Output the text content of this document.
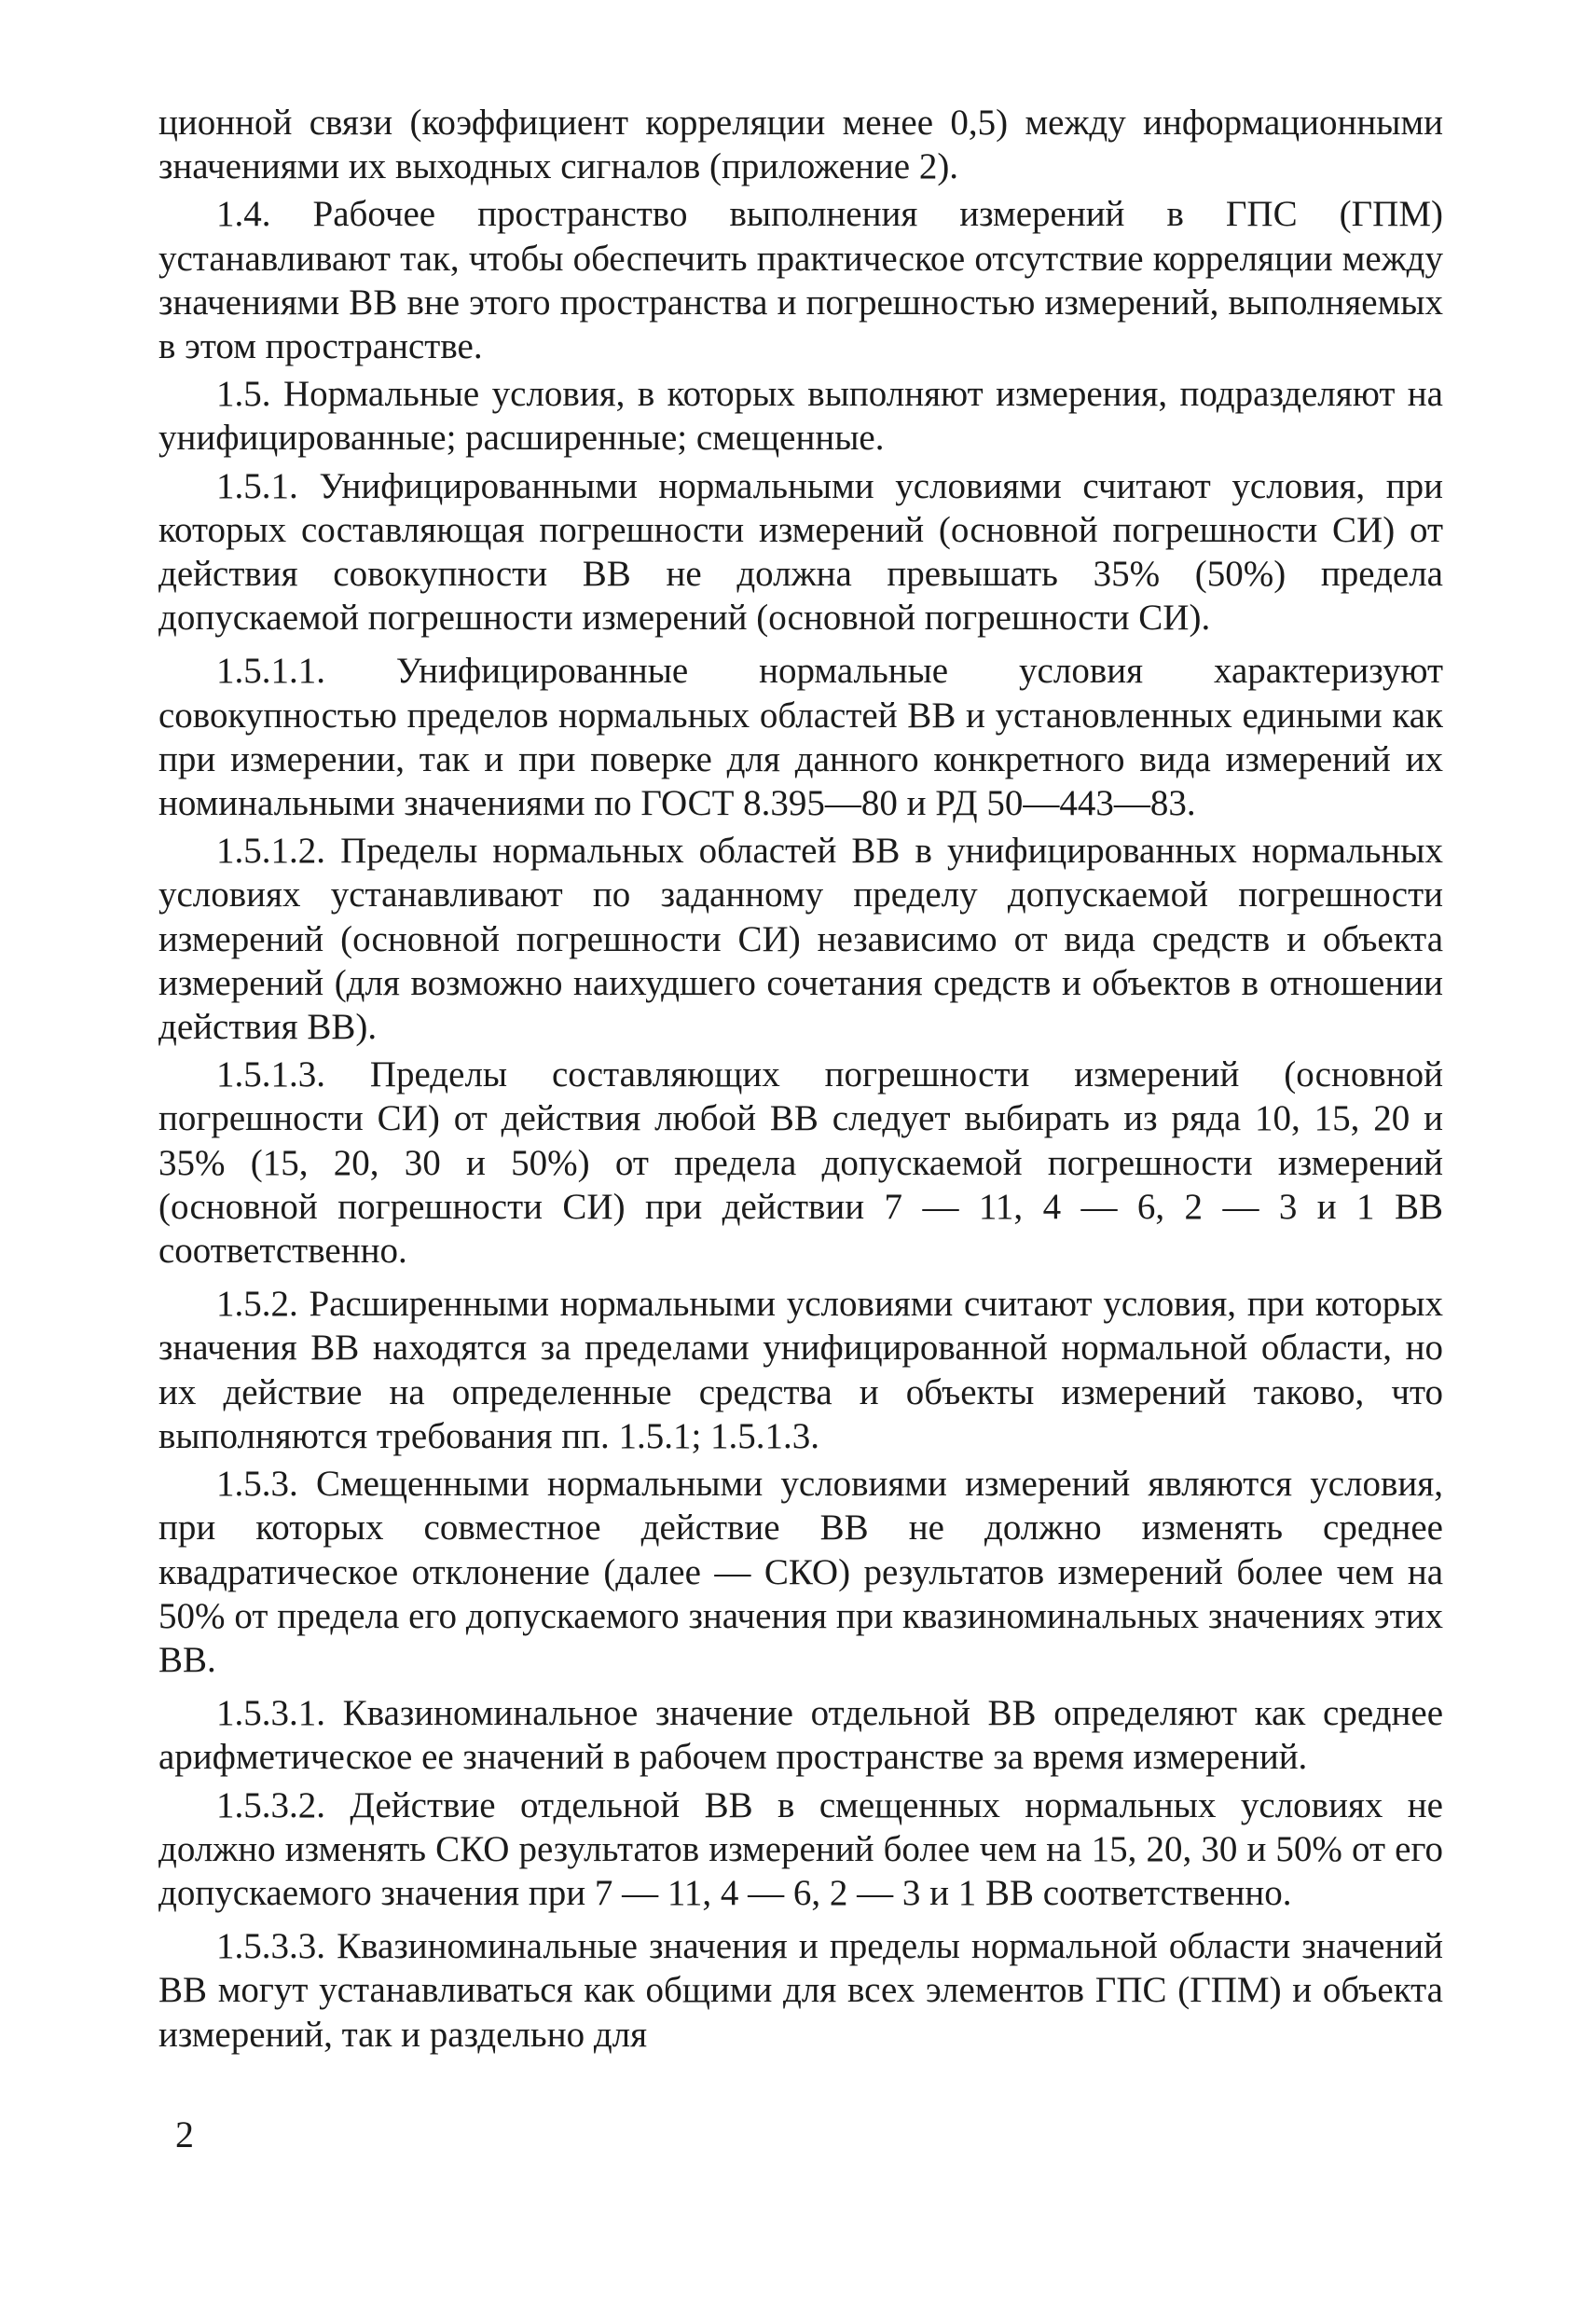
ционной связи (коэффициент корреляции менее 0,5) между информационными значениями их выходных сигналов (приложение 2).

1.4. Рабочее пространство выполнения измерений в ГПС (ГПМ) устанавливают так, чтобы обеспечить практическое отсутствие корреляции между значениями ВВ вне этого пространства и погрешностью измерений, выполняемых в этом пространстве.

1.5. Нормальные условия, в которых выполняют измерения, подразделяют на унифицированные; расширенные; смещенные.

1.5.1. Унифицированными нормальными условиями считают условия, при которых составляющая погрешности измерений (основной погрешности СИ) от действия совокупности ВВ не должна превышать 35% (50%) предела допускаемой погрешности измерений (основной погрешности СИ).

1.5.1.1. Унифицированные нормальные условия характеризуют совокупностью пределов нормальных областей ВВ и установленных едиными как при измерении, так и при поверке для данного конкретного вида измерений их номинальными значениями по ГОСТ 8.395—80 и РД 50—443—83.

1.5.1.2. Пределы нормальных областей ВВ в унифицированных нормальных условиях устанавливают по заданному пределу допускаемой погрешности измерений (основной погрешности СИ) независимо от вида средств и объекта измерений (для возможно наихудшего сочетания средств и объектов в отношении действия ВВ).

1.5.1.3. Пределы составляющих погрешности измерений (основной погрешности СИ) от действия любой ВВ следует выбирать из ряда 10, 15, 20 и 35% (15, 20, 30 и 50%) от предела допускаемой погрешности измерений (основной погрешности СИ) при действии 7 — 11, 4 — 6, 2 — 3 и 1 ВВ соответственно.

1.5.2. Расширенными нормальными условиями считают условия, при которых значения ВВ находятся за пределами унифицированной нормальной области, но их действие на определенные средства и объекты измерений таково, что выполняются требования пп. 1.5.1; 1.5.1.3.

1.5.3. Смещенными нормальными условиями измерений являются условия, при которых совместное действие ВВ не должно изменять среднее квадратическое отклонение (далее — СКО) результатов измерений более чем на 50% от предела его допускаемого значения при квазиноминальных значениях этих ВВ.

1.5.3.1. Квазиноминальное значение отдельной ВВ определяют как среднее арифметическое ее значений в рабочем пространстве за время измерений.

1.5.3.2. Действие отдельной ВВ в смещенных нормальных условиях не должно изменять СКО результатов измерений более чем на 15, 20, 30 и 50% от его допускаемого значения при 7 — 11, 4 — 6, 2 — 3 и 1 ВВ соответственно.

1.5.3.3. Квазиноминальные значения и пределы нормальной области значений ВВ могут устанавливаться как общими для всех элементов ГПС (ГПМ) и объекта измерений, так и раздельно для

2
